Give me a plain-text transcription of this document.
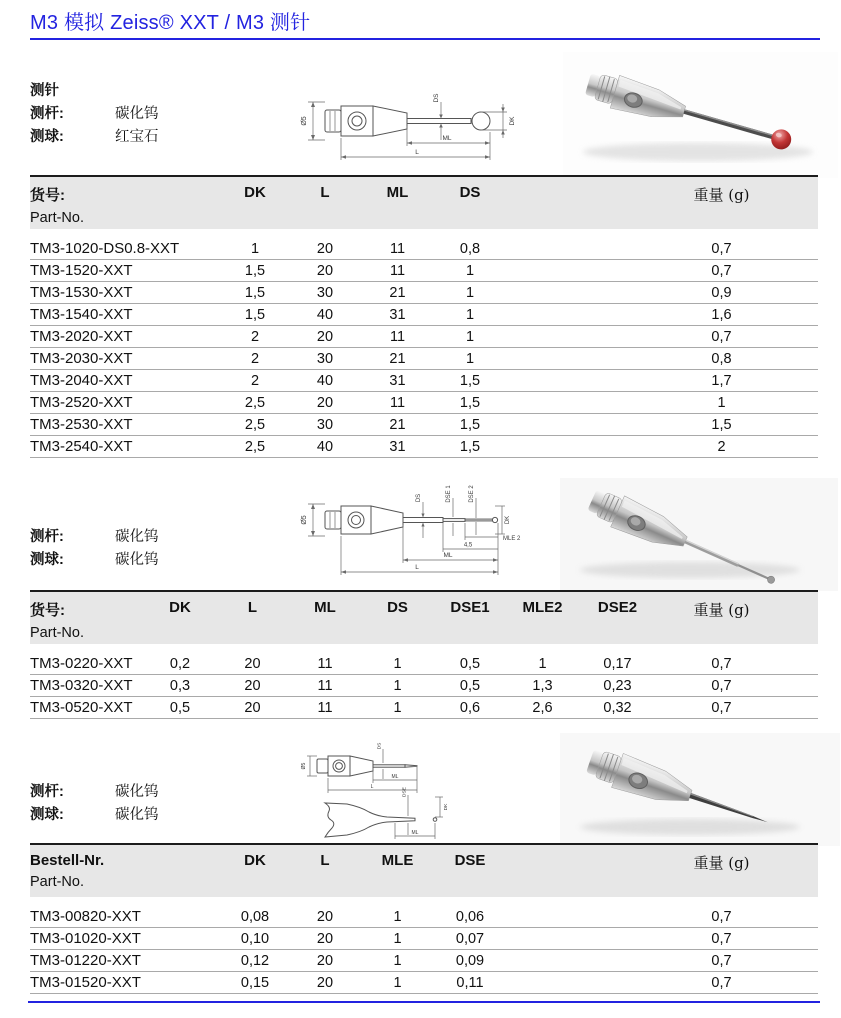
M3 模拟 Zeiss® XXT / M3 测针
测针
测杆:	碳化钨
测球:	红宝石
Ø5
DS
DK
ML
L
货号:
Part-No.
DK	L	ML	DS	重量 (g)
TM3-1020-DS0.8-XXT	1	20	11	0,8	0,7
TM3-1520-XXT	1,5	20	11	1	0,7
TM3-1530-XXT	1,5	30	21	1	0,9
TM3-1540-XXT	1,5	40	31	1	1,6
TM3-2020-XXT	2	20	11	1	0,7
TM3-2030-XXT	2	30	21	1	0,8
TM3-2040-XXT	2	40	31	1,5	1,7
TM3-2520-XXT	2,5	20	11	1,5	1
TM3-2530-XXT	2,5	30	21	1,5	1,5
TM3-2540-XXT	2,5	40	31	1,5	2
测杆:	碳化钨
测球:	碳化钨
Ø5
DS	DSE 1	DSE 2
DK
MLE 2
4,5
ML
L
货号:
Part-No.
DK	L	ML	DS	DSE1	MLE2	DSE2	重量 (g)
TM3-0220-XXT	0,2	20	11	1	0,5	1	0,17	0,7
TM3-0320-XXT	0,3	20	11	1	0,5	1,3	0,23	0,7
TM3-0520-XXT	0,5	20	11	1	0,6	2,6	0,32	0,7
测杆:	碳化钨
测球:	碳化钨
Ø5
DS
ML
L
DSE
DK
ML
Bestell-Nr.
Part-No.
DK	L	MLE	DSE	重量 (g)
TM3-00820-XXT	0,08	20	1	0,06	0,7
TM3-01020-XXT	0,10	20	1	0,07	0,7
TM3-01220-XXT	0,12	20	1	0,09	0,7
TM3-01520-XXT	0,15	20	1	0,11	0,7
